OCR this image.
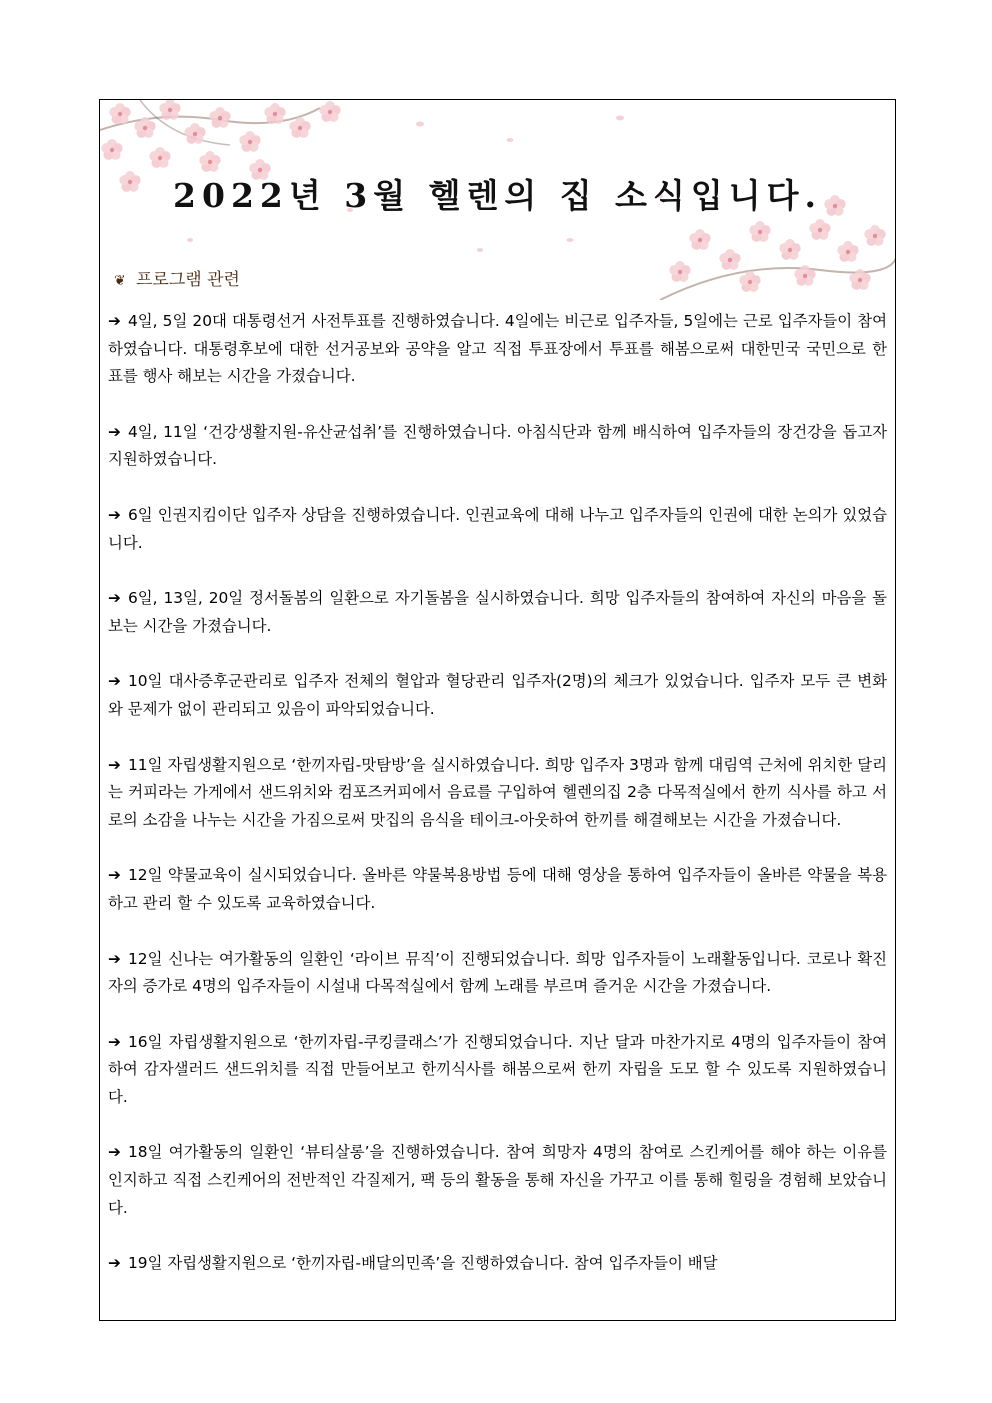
2022년 3월 헬렌의 집 소식입니다.
❦ 프로그램 관련

➔ 4일, 5일 20대 대통령선거 사전투표를 진행하였습니다. 4일에는 비근로 입주자들, 5일에는 근로 입주자들이 참여하였습니다. 대통령후보에 대한 선거공보와 공약을 알고 직접 투표장에서 투표를 해봄으로써 대한민국 국민으로 한 표를 행사 해보는 시간을 가졌습니다.

➔ 4일, 11일 ‘건강생활지원-유산균섭취’를 진행하였습니다. 아침식단과 함께 배식하여 입주자들의 장건강을 돕고자 지원하였습니다.

➔ 6일 인권지킴이단 입주자 상담을 진행하였습니다. 인권교육에 대해 나누고 입주자들의 인권에 대한 논의가 있었습니다.

➔ 6일, 13일, 20일 정서돌봄의 일환으로 자기돌봄을 실시하였습니다. 희망 입주자들의 참여하여 자신의 마음을 돌보는 시간을 가졌습니다.

➔ 10일 대사증후군관리로 입주자 전체의 혈압과 혈당관리 입주자(2명)의 체크가 있었습니다. 입주자 모두 큰 변화와 문제가 없이 관리되고 있음이 파악되었습니다.

➔ 11일 자립생활지원으로 ‘한끼자립-맛탐방’을 실시하였습니다. 희망 입주자 3명과 함께 대림역 근처에 위치한 달리는 커피라는 가게에서 샌드위치와 컴포즈커피에서 음료를 구입하여 헬렌의집 2층 다목적실에서 한끼 식사를 하고 서로의 소감을 나누는 시간을 가짐으로써 맛집의 음식을 테이크-아웃하여 한끼를 해결해보는 시간을 가졌습니다.

➔ 12일 약물교육이 실시되었습니다. 올바른 약물복용방법 등에 대해 영상을 통하여 입주자들이 올바른 약물을 복용하고 관리 할 수 있도록 교육하였습니다.

➔ 12일 신나는 여가활동의 일환인 ‘라이브 뮤직’이 진행되었습니다. 희망 입주자들이 노래활동입니다. 코로나 확진자의 증가로 4명의 입주자들이 시설내 다목적실에서 함께 노래를 부르며 즐거운 시간을 가졌습니다.

➔ 16일 자립생활지원으로 ‘한끼자립-쿠킹클래스’가 진행되었습니다. 지난 달과 마찬가지로 4명의 입주자들이 참여하여 감자샐러드 샌드위치를 직접 만들어보고 한끼식사를 해봄으로써 한끼 자립을 도모 할 수 있도록 지원하였습니다.

➔ 18일 여가활동의 일환인 ‘뷰티살롱’을 진행하였습니다. 참여 희망자 4명의 참여로 스킨케어를 해야 하는 이유를 인지하고 직접 스킨케어의 전반적인 각질제거, 팩 등의 활동을 통해 자신을 가꾸고 이를 통해 힐링을 경험해 보았습니다.

➔ 19일 자립생활지원으로 ‘한끼자립-배달의민족’을 진행하였습니다. 참여 입주자들이 배달
